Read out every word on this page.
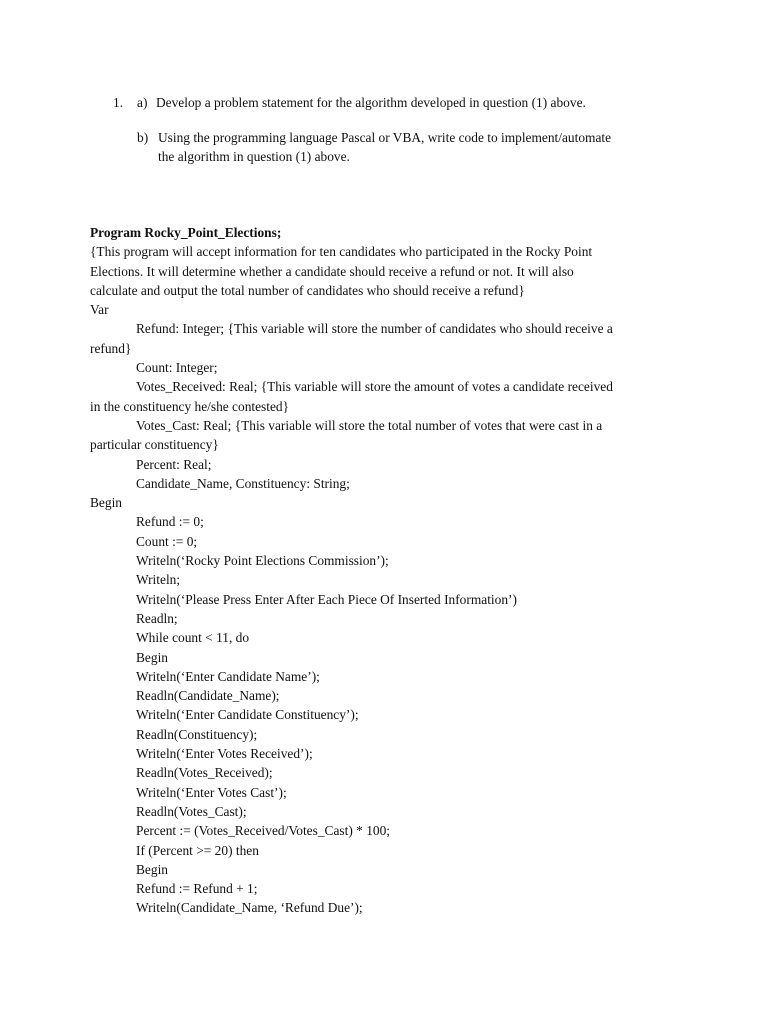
1. a) Develop a problem statement for the algorithm developed in question (1) above.
b) Using the programming language Pascal or VBA, write code to implement/automate
the algorithm in question (1) above.
Program Rocky_Point_Elections;
{This program will accept information for ten candidates who participated in the Rocky Point
Elections. It will determine whether a candidate should receive a refund or not. It will also
calculate and output the total number of candidates who should receive a refund}
Var
Refund: Integer; {This variable will store the number of candidates who should receive a
refund}
Count: Integer;
Votes_Received: Real; {This variable will store the amount of votes a candidate received
in the constituency he/she contested}
Votes_Cast: Real; {This variable will store the total number of votes that were cast in a
particular constituency}
Percent: Real;
Candidate_Name, Constituency: String;
Begin
Refund := 0;
Count := 0;
Writeln(‘Rocky Point Elections Commission’);
Writeln;
Writeln(‘Please Press Enter After Each Piece Of Inserted Information’)
Readln;
While count < 11, do
Begin
Writeln(‘Enter Candidate Name’);
Readln(Candidate_Name);
Writeln(‘Enter Candidate Constituency’);
Readln(Constituency);
Writeln(‘Enter Votes Received’);
Readln(Votes_Received);
Writeln(‘Enter Votes Cast’);
Readln(Votes_Cast);
Percent := (Votes_Received/Votes_Cast) * 100;
If (Percent >= 20) then
Begin
Refund := Refund + 1;
Writeln(Candidate_Name, ‘Refund Due’);
